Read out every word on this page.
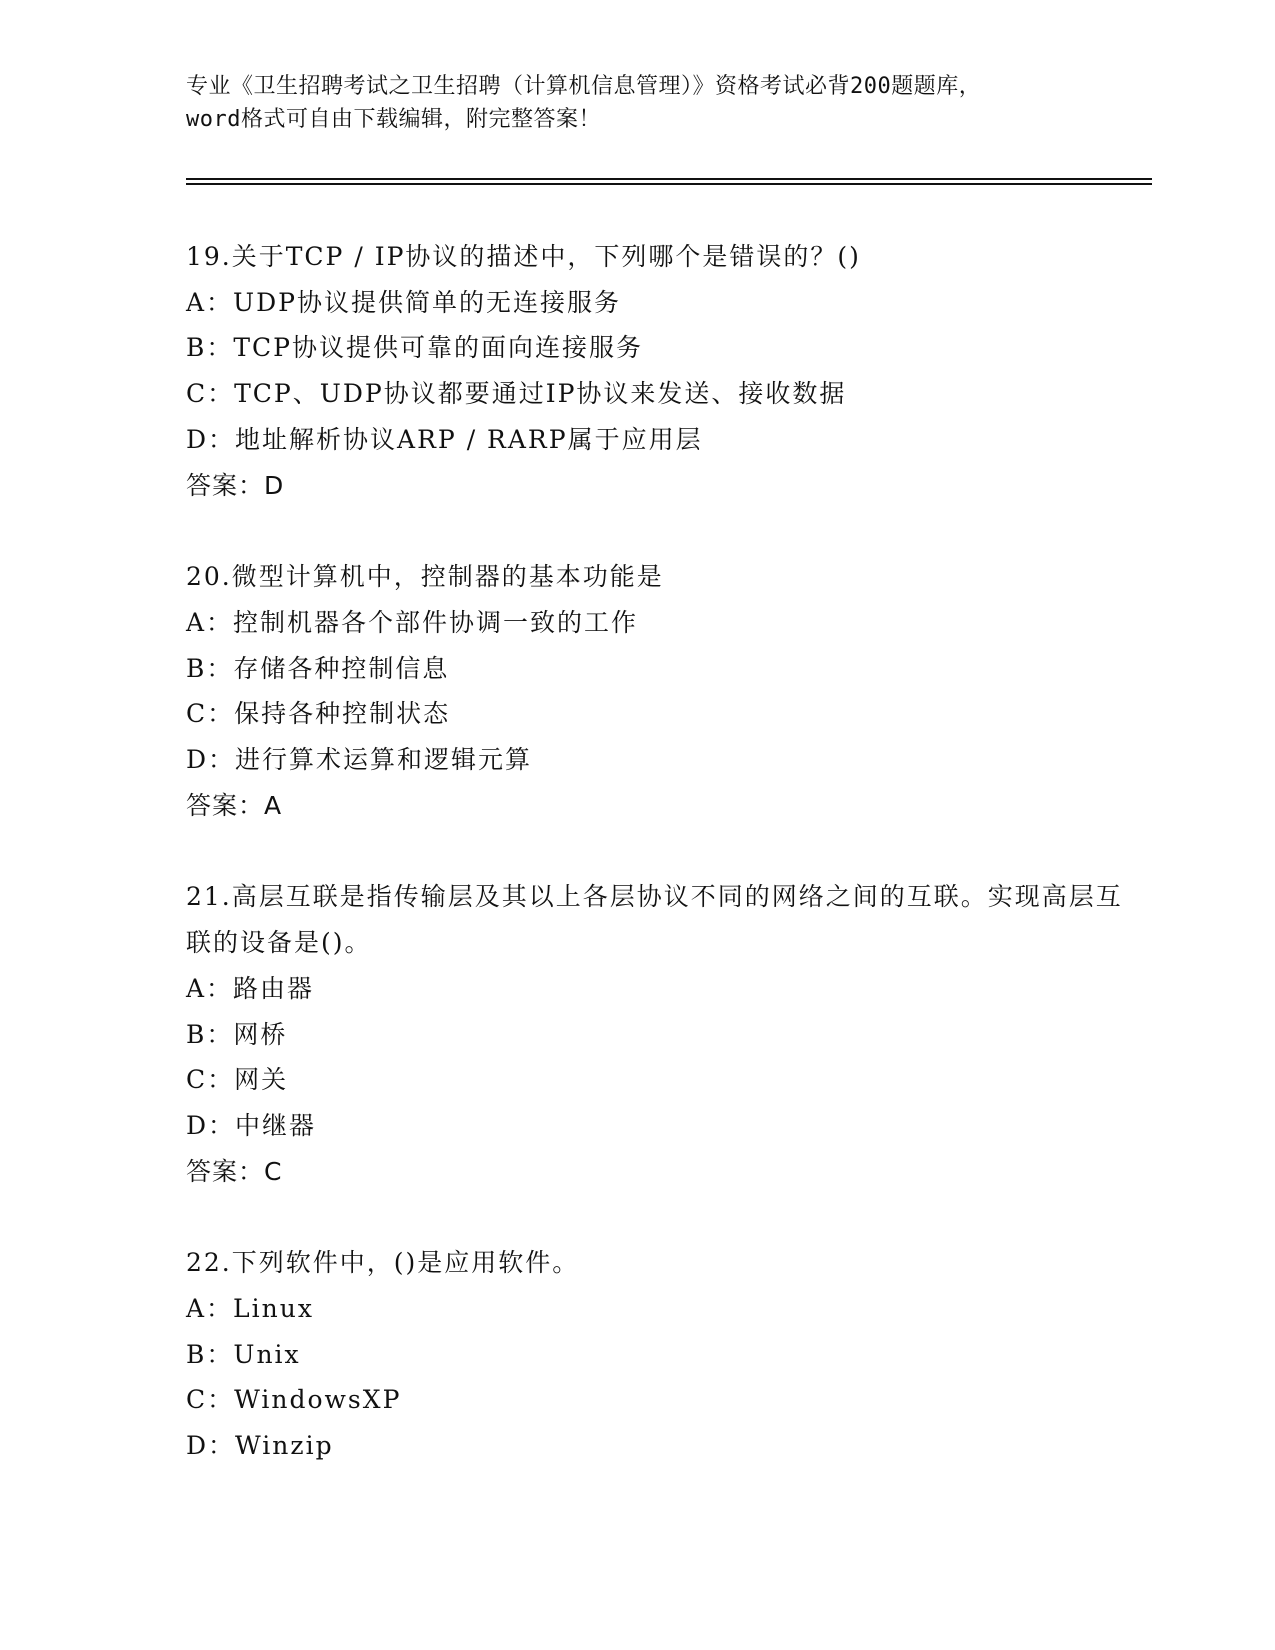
专业《卫生招聘考试之卫生招聘（计算机信息管理）》资格考试必背200题题库，
word格式可自由下载编辑，附完整答案！
19.关于TCP / IP协议的描述中，下列哪个是错误的？()
A：UDP协议提供简单的无连接服务
B：TCP协议提供可靠的面向连接服务
C：TCP、UDP协议都要通过IP协议来发送、接收数据
D：地址解析协议ARP / RARP属于应用层
答案：D
20.微型计算机中，控制器的基本功能是
A：控制机器各个部件协调一致的工作
B：存储各种控制信息
C：保持各种控制状态
D：进行算术运算和逻辑元算
答案：A
21.高层互联是指传输层及其以上各层协议不同的网络之间的互联。实现高层互联的设备是()。
A：路由器
B：网桥
C：网关
D：中继器
答案：C
22.下列软件中，()是应用软件。
A：Linux
B：Unix
C：WindowsXP
D：Winzip
